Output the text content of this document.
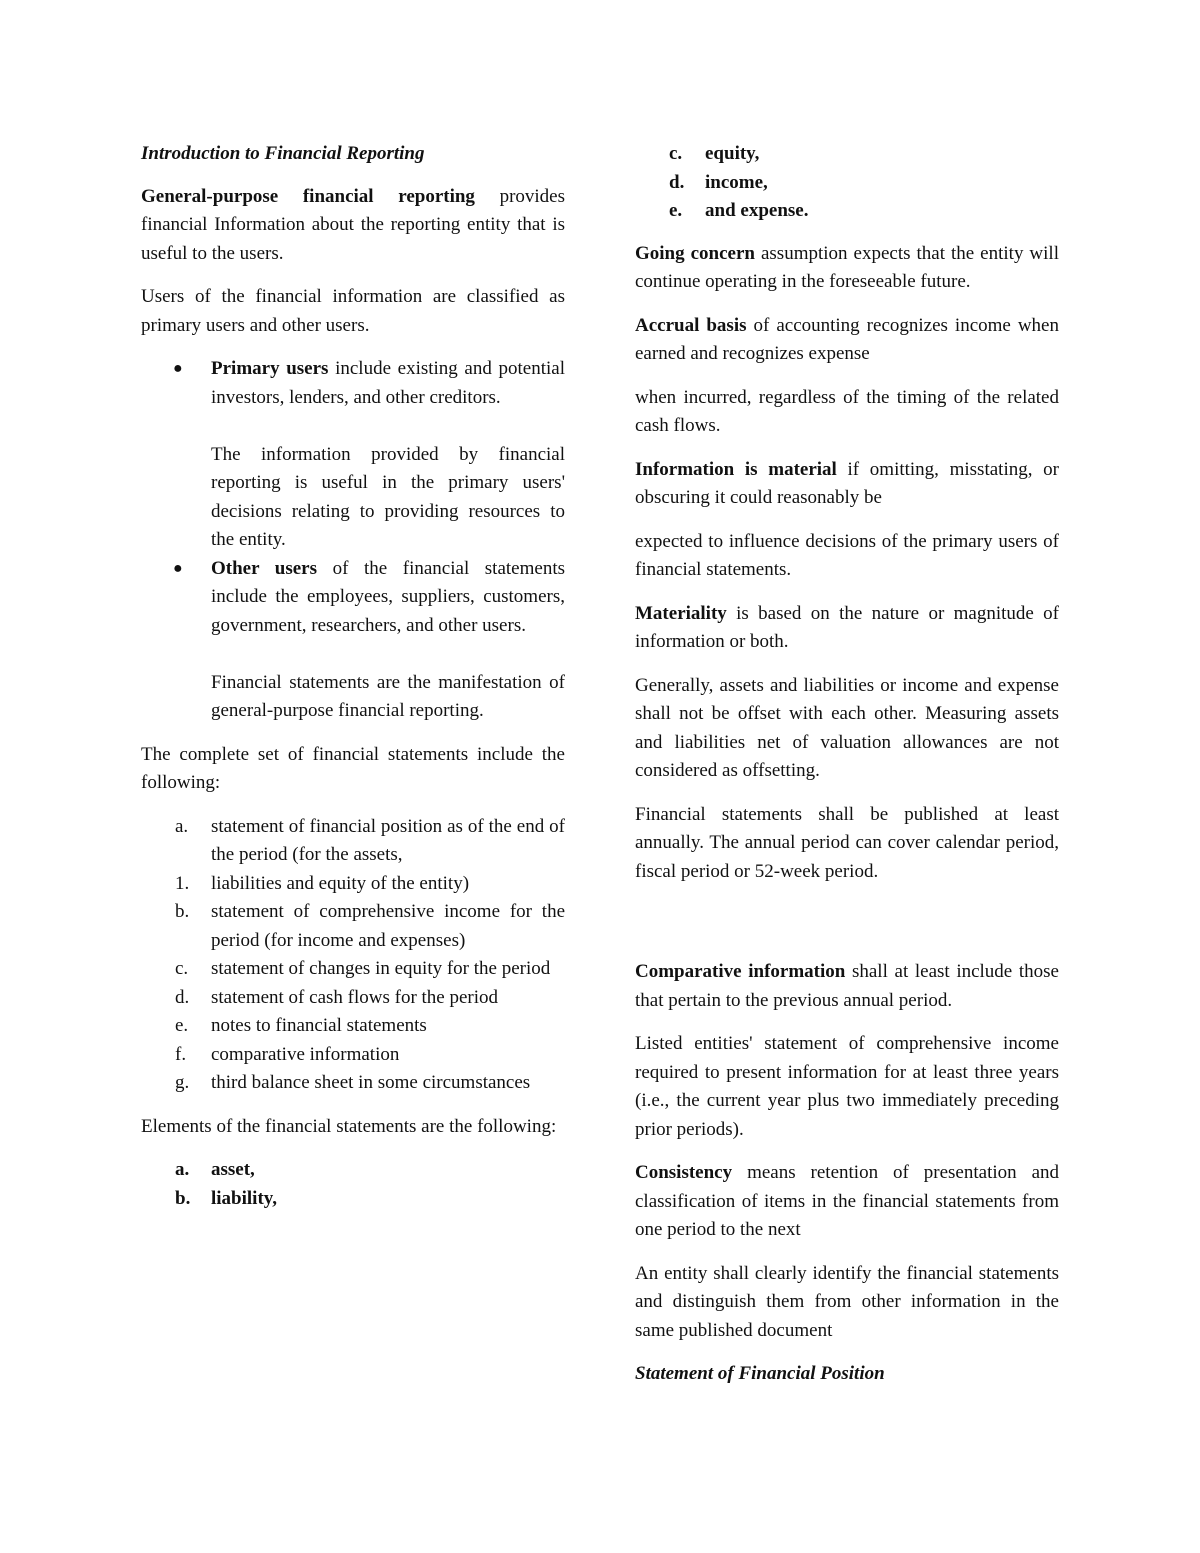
Introduction to Financial Reporting

General-purpose financial reporting provides financial Information about the reporting entity that is useful to the users.

Users of the financial information are classified as primary users and other users.

● Primary users include existing and potential investors, lenders, and other creditors.

The information provided by financial reporting is useful in the primary users' decisions relating to providing resources to the entity.

● Other users of the financial statements include the employees, suppliers, customers, government, researchers, and other users.

Financial statements are the manifestation of general-purpose financial reporting.

The complete set of financial statements include the following:

a. statement of financial position as of the end of the period (for the assets,
1. liabilities and equity of the entity)
b. statement of comprehensive income for the period (for income and expenses)
c. statement of changes in equity for the period
d. statement of cash flows for the period
e. notes to financial statements
f. comparative information
g. third balance sheet in some circumstances

Elements of the financial statements are the following:

a. asset,
b. liability,
c. equity,
d. income,
e. and expense.

Going concern assumption expects that the entity will continue operating in the foreseeable future.

Accrual basis of accounting recognizes income when earned and recognizes expense

when incurred, regardless of the timing of the related cash flows.

Information is material if omitting, misstating, or obscuring it could reasonably be

expected to influence decisions of the primary users of financial statements.

Materiality is based on the nature or magnitude of information or both.

Generally, assets and liabilities or income and expense shall not be offset with each other. Measuring assets and liabilities net of valuation allowances are not considered as offsetting.

Financial statements shall be published at least annually. The annual period can cover calendar period, fiscal period or 52-week period.

Comparative information shall at least include those that pertain to the previous annual period.

Listed entities' statement of comprehensive income required to present information for at least three years (i.e., the current year plus two immediately preceding prior periods).

Consistency means retention of presentation and classification of items in the financial statements from one period to the next

An entity shall clearly identify the financial statements and distinguish them from other information in the same published document

Statement of Financial Position
